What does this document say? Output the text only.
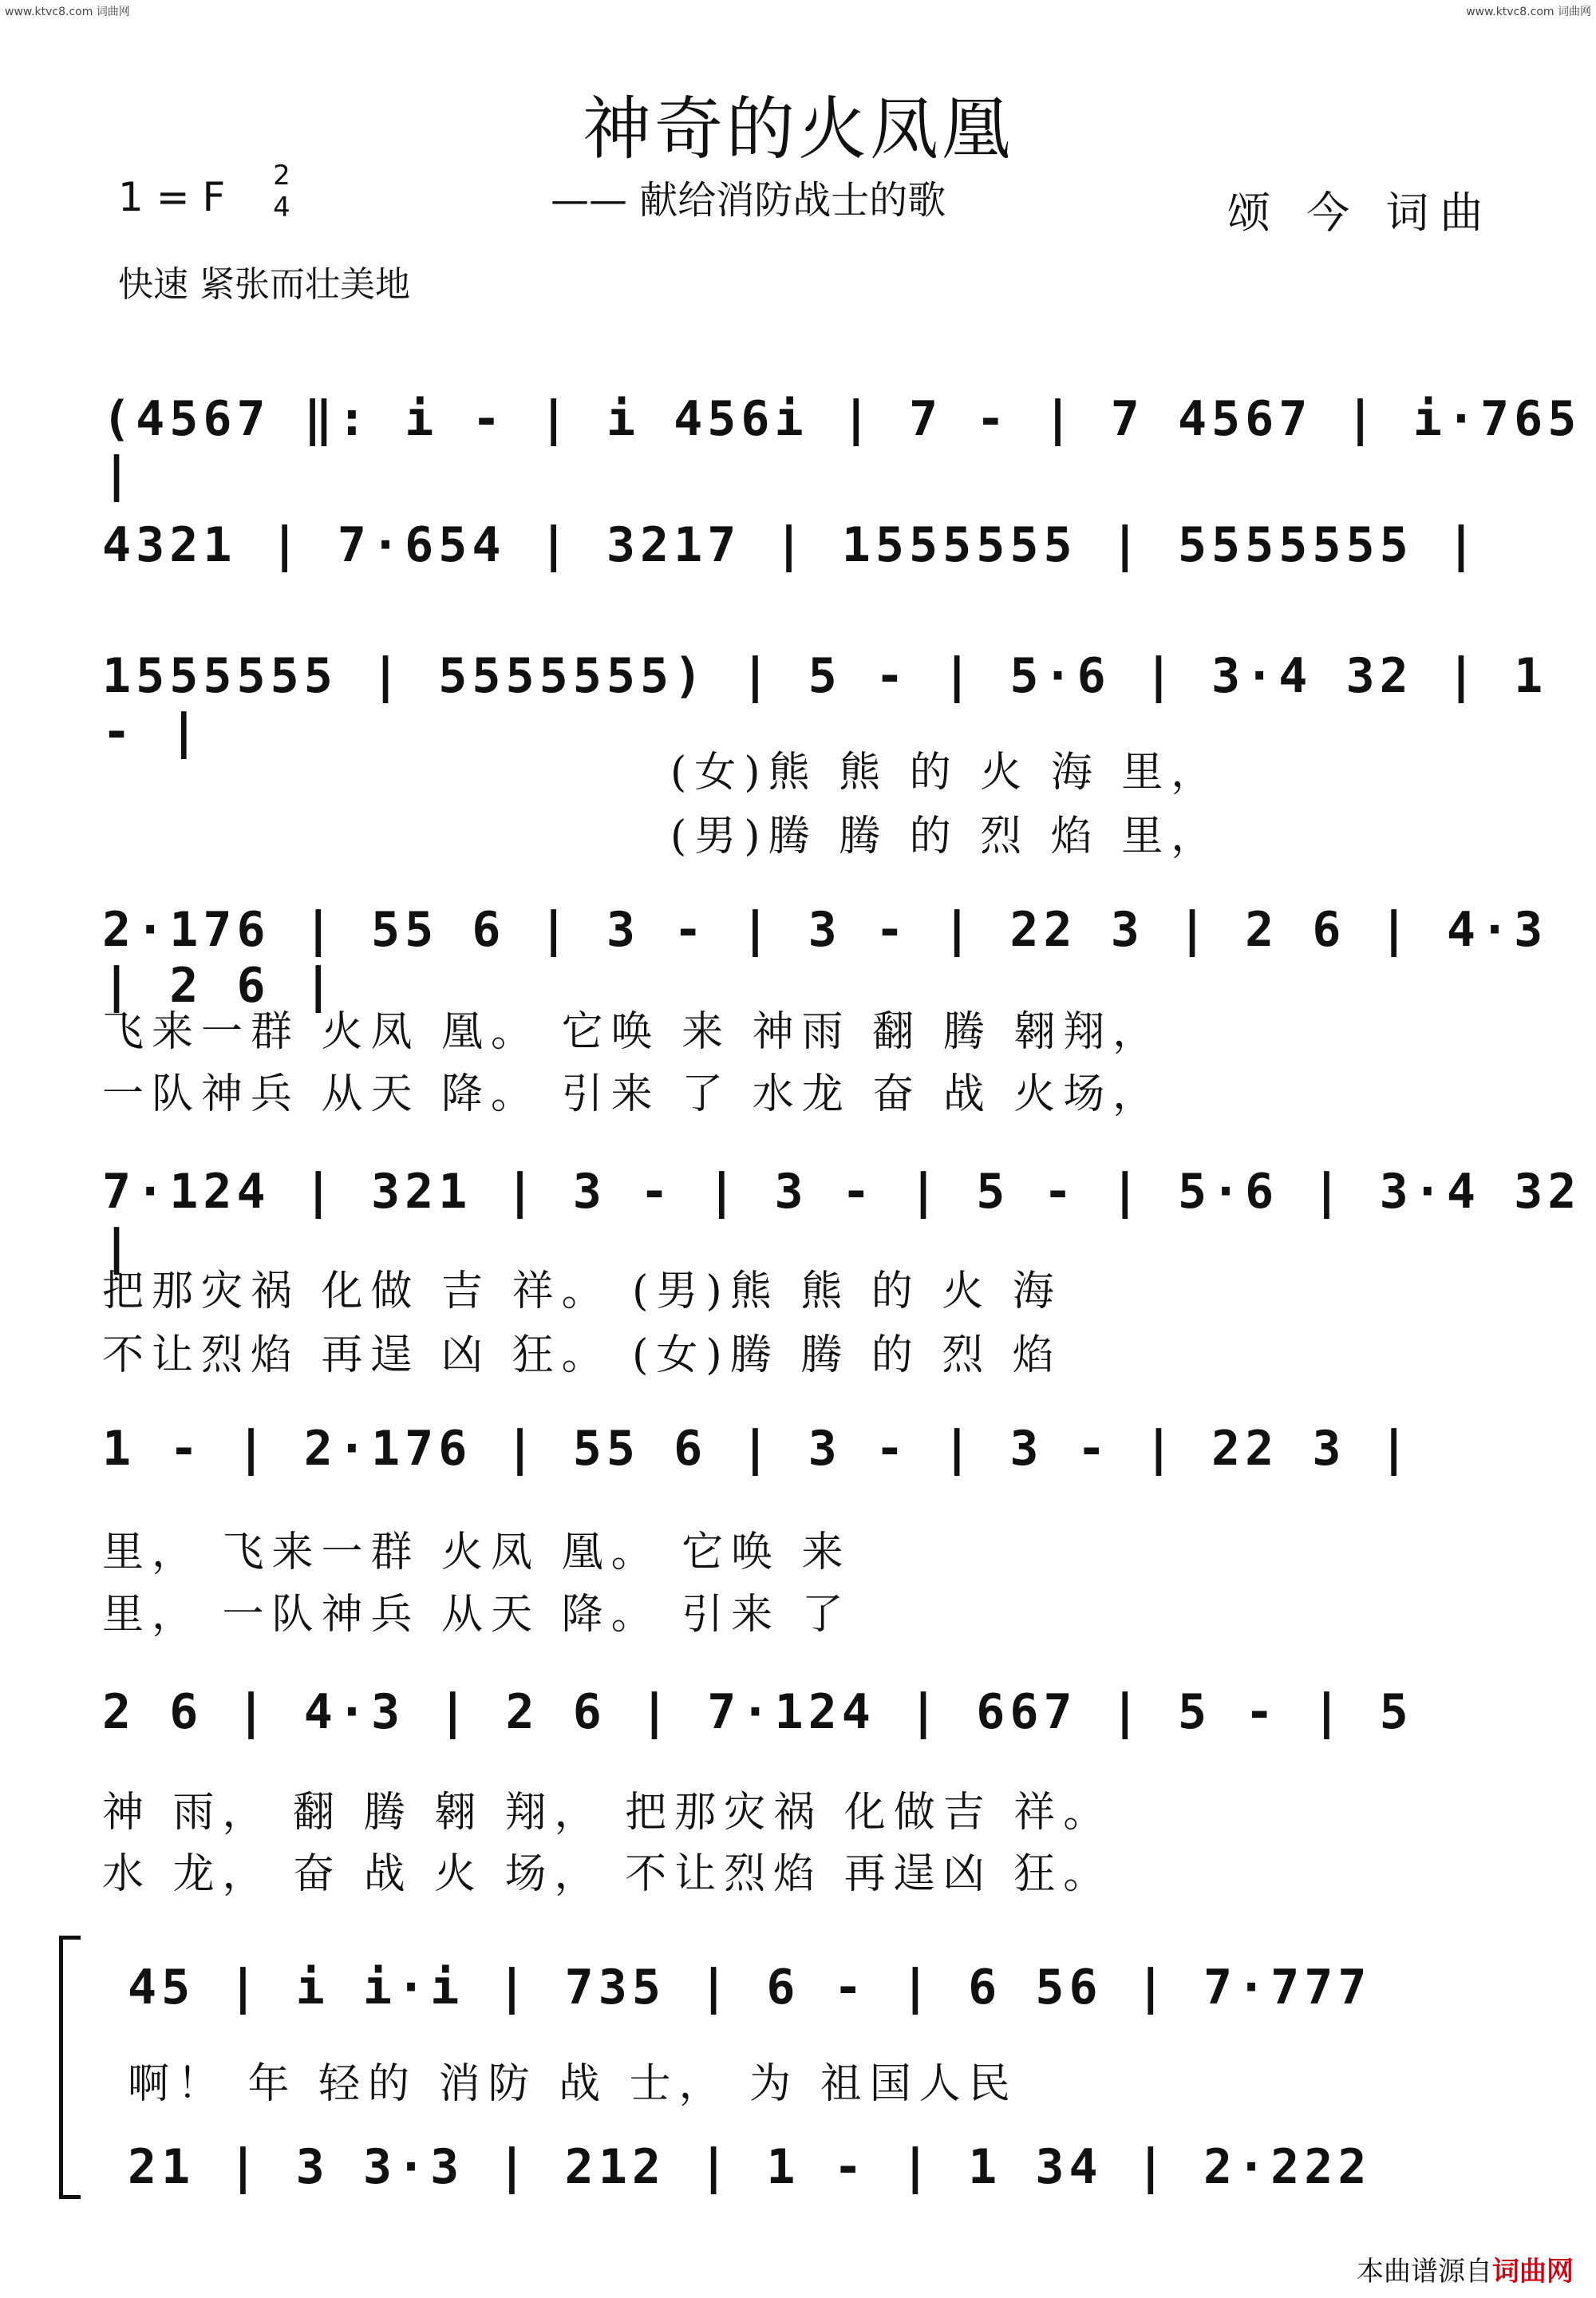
www.ktvc8.com 词曲网	www.ktvc8.com 词曲网
神奇的火凤凰
1 = F 2
4	—— 献给消防战士的歌	颂 今 词曲
快速 紧张而壮美地
(4567 ‖: i - | i 456i | 7 - | 7 4567 | i·765 |
4321 | 7·654 | 3217 | 1555555 | 5555555 |
1555555 | 5555555) | 5 - | 5·6 | 3·4 32 | 1 - |
(女)熊 熊 的 火 海 里，
(男)腾 腾 的 烈 焰 里，
2·176 | 55 6 | 3 - | 3 - | 22 3 | 2 6 | 4·3 | 2 6 |
飞来一群 火凤 凰。 它唤 来 神雨 翻 腾 翱翔，
一队神兵 从天 降。 引来 了 水龙 奋 战 火场，
7·124 | 321 | 3 - | 3 - | 5 - | 5·6 | 3·4 32 |
把那灾祸 化做 吉 祥。 (男)熊 熊 的 火 海
不让烈焰 再逞 凶 狂。 (女)腾 腾 的 烈 焰
1 - | 2·176 | 55 6 | 3 - | 3 - | 22 3 |
里， 飞来一群 火凤 凰。 它唤 来
里， 一队神兵 从天 降。 引来 了
2 6 | 4·3 | 2 6 | 7·124 | 667 | 5 - | 5
神 雨， 翻 腾 翱 翔， 把那灾祸 化做吉 祥。
水 龙， 奋 战 火 场， 不让烈焰 再逞凶 狂。
45 | i i·i | 735 | 6 - | 6 56 | 7·777
啊！ 年 轻的 消防 战 士， 为 祖国人民
21 | 3 3·3 | 212 | 1 - | 1 34 | 2·222
本曲谱源自词曲网
